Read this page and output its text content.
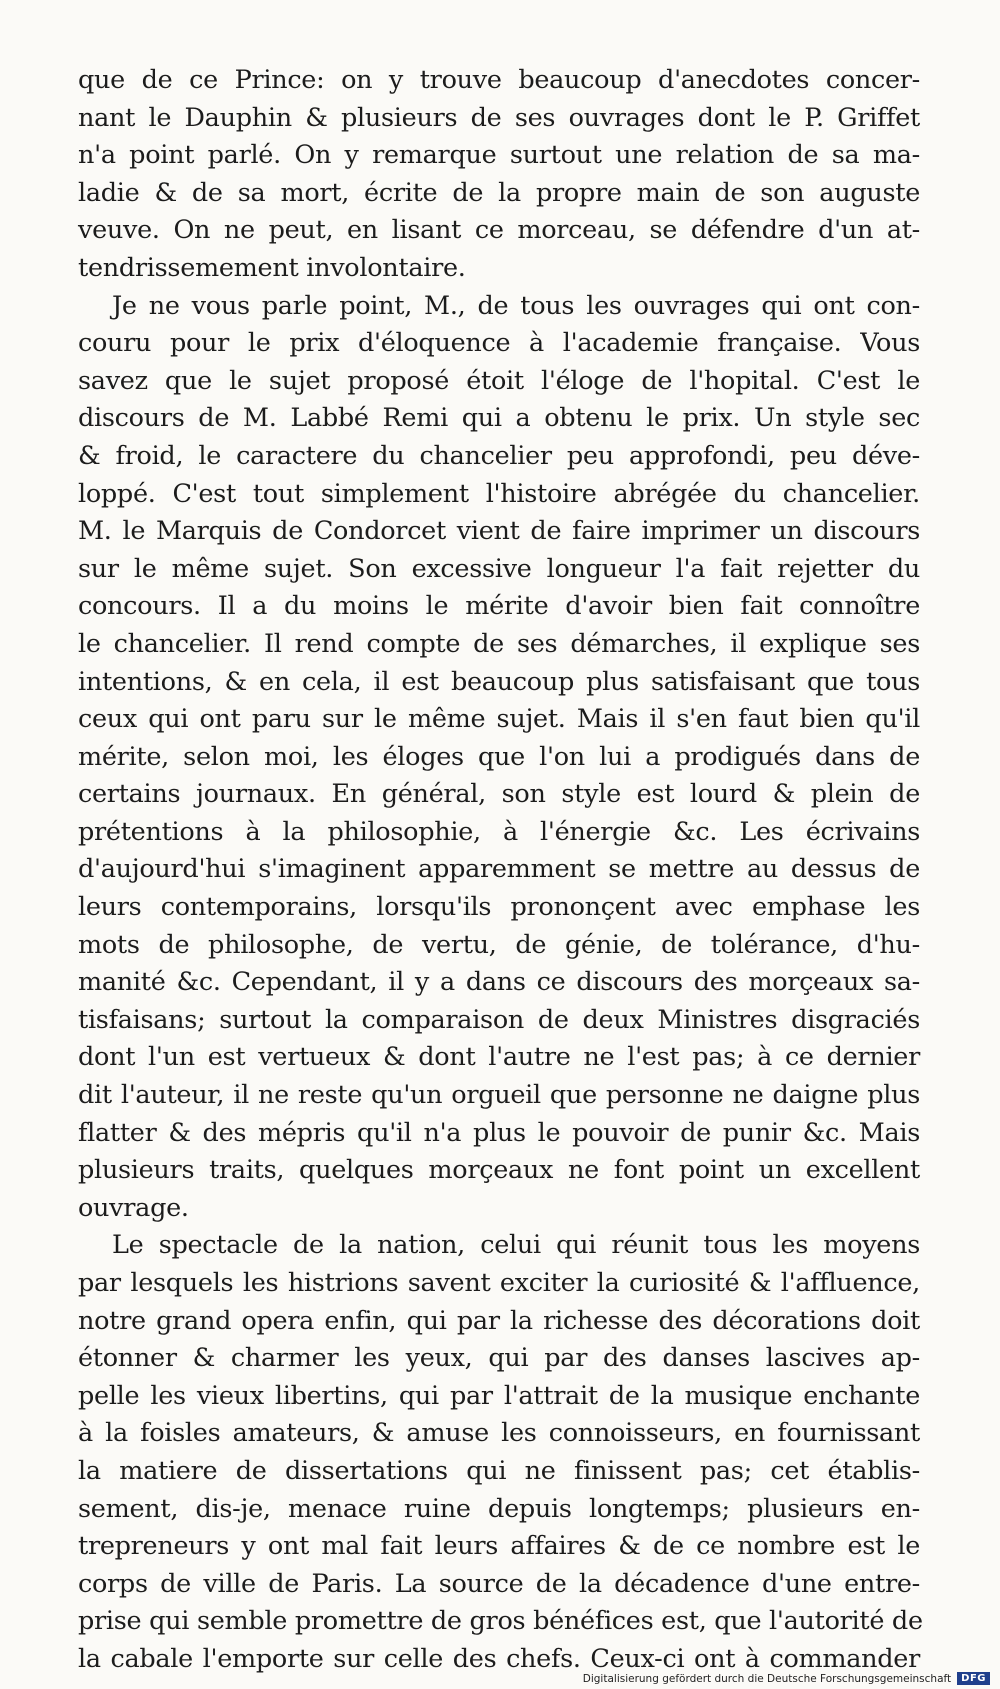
que de ce Prince: on y trouve beaucoup d'anecdotes concer-
nant le Dauphin & plusieurs de ses ouvrages dont le P. Griffet
n'a point parlé. On y remarque surtout une relation de sa ma-
ladie & de sa mort, écrite de la propre main de son auguste
veuve. On ne peut, en lisant ce morceau, se défendre d'un at-
tendrissemement involontaire.
Je ne vous parle point, M., de tous les ouvrages qui ont con-
couru pour le prix d'éloquence à l'academie française. Vous
savez que le sujet proposé étoit l'éloge de l'hopital. C'est le
discours de M. Labbé Remi qui a obtenu le prix. Un style sec
& froid, le caractere du chancelier peu approfondi, peu déve-
loppé. C'est tout simplement l'histoire abrégée du chancelier.
M. le Marquis de Condorcet vient de faire imprimer un discours
sur le même sujet. Son excessive longueur l'a fait rejetter du
concours. Il a du moins le mérite d'avoir bien fait connoître
le chancelier. Il rend compte de ses démarches, il explique ses
intentions, & en cela, il est beaucoup plus satisfaisant que tous
ceux qui ont paru sur le même sujet. Mais il s'en faut bien qu'il
mérite, selon moi, les éloges que l'on lui a prodigués dans de
certains journaux. En général, son style est lourd & plein de
prétentions à la philosophie, à l'énergie &c. Les écrivains
d'aujourd'hui s'imaginent apparemment se mettre au dessus de
leurs contemporains, lorsqu'ils prononçent avec emphase les
mots de philosophe, de vertu, de génie, de tolérance, d'hu-
manité &c. Cependant, il y a dans ce discours des morçeaux sa-
tisfaisans; surtout la comparaison de deux Ministres disgraciés
dont l'un est vertueux & dont l'autre ne l'est pas; à ce dernier
dit l'auteur, il ne reste qu'un orgueil que personne ne daigne plus
flatter & des mépris qu'il n'a plus le pouvoir de punir &c. Mais
plusieurs traits, quelques morçeaux ne font point un excellent
ouvrage.
Le spectacle de la nation, celui qui réunit tous les moyens
par lesquels les histrions savent exciter la curiosité & l'affluence,
notre grand opera enfin, qui par la richesse des décorations doit
étonner & charmer les yeux, qui par des danses lascives ap-
pelle les vieux libertins, qui par l'attrait de la musique enchante
à la foisles amateurs, & amuse les connoisseurs, en fournissant
la matiere de dissertations qui ne finissent pas; cet établis-
sement, dis-je, menace ruine depuis longtemps; plusieurs en-
trepreneurs y ont mal fait leurs affaires & de ce nombre est le
corps de ville de Paris. La source de la décadence d'une entre-
prise qui semble promettre de gros bénéfices est, que l'autorité de
la cabale l'emporte sur celle des chefs. Ceux-ci ont à commander
Digitalisierung gefördert durch die Deutsche Forschungsgemeinschaft	DFG
